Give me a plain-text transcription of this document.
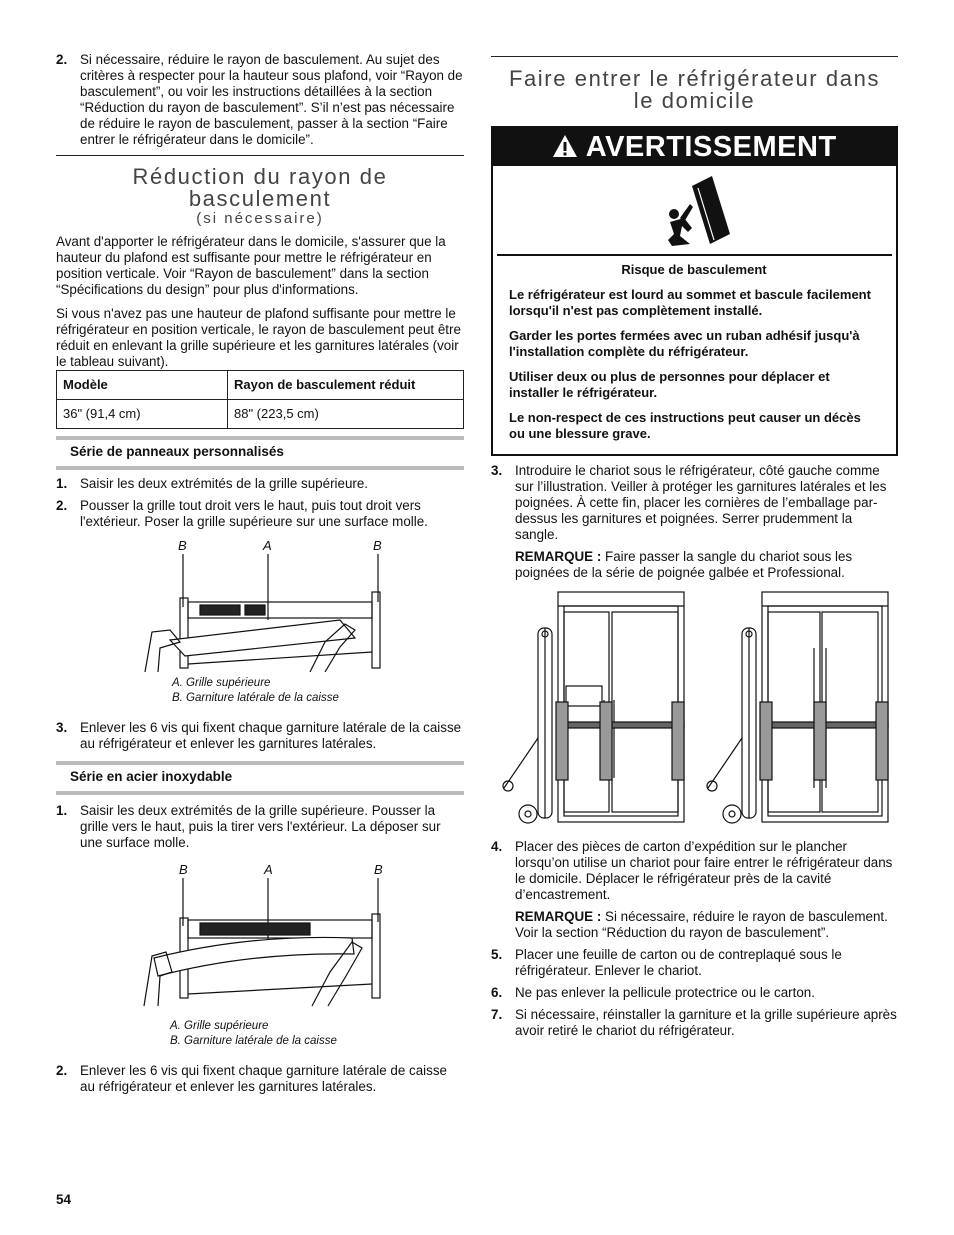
2. Si nécessaire, réduire le rayon de basculement. Au sujet des critères à respecter pour la hauteur sous plafond, voir “Rayon de basculement”, ou voir les instructions détaillées à la section “Réduction du rayon de basculement”. S’il n’est pas nécessaire de réduire le rayon de basculement, passer à la section “Faire entrer le réfrigérateur dans le domicile”.
Réduction du rayon de
basculement
(si nécessaire)

Avant d'apporter le réfrigérateur dans le domicile, s'assurer que la hauteur du plafond est suffisante pour mettre le réfrigérateur en position verticale. Voir “Rayon de basculement” dans la section “Spécifications du design” pour plus d'informations.

Si vous n'avez pas une hauteur de plafond suffisante pour mettre le réfrigérateur en position verticale, le rayon de basculement peut être réduit en enlevant la grille supérieure et les garnitures latérales (voir le tableau suivant).

Modèle	Rayon de basculement réduit
36" (91,4 cm)	88" (223,5 cm)
Série de panneaux personnalisés
1. Saisir les deux extrémités de la grille supérieure.
2. Pousser la grille tout droit vers le haut, puis tout droit vers l'extérieur. Poser la grille supérieure sur une surface molle.
B	A	B
A. Grille supérieure
B. Garniture latérale de la caisse
3. Enlever les 6 vis qui fixent chaque garniture latérale de la caisse au réfrigérateur et enlever les garnitures latérales.
Série en acier inoxydable
1. Saisir les deux extrémités de la grille supérieure. Pousser la grille vers le haut, puis la tirer vers l'extérieur. La déposer sur une surface molle.
B	A	B
A. Grille supérieure
B. Garniture latérale de la caisse
2. Enlever les 6 vis qui fixent chaque garniture latérale de caisse au réfrigérateur et enlever les garnitures latérales.
54
Faire entrer le réfrigérateur dans
le domicile
AVERTISSEMENT

Risque de basculement

Le réfrigérateur est lourd au sommet et bascule facilement lorsqu'il n'est pas complètement installé.

Garder les portes fermées avec un ruban adhésif jusqu'à l'installation complète du réfrigérateur.

Utiliser deux ou plus de personnes pour déplacer et installer le réfrigérateur.

Le non-respect de ces instructions peut causer un décès ou une blessure grave.

3. Introduire le chariot sous le réfrigérateur, côté gauche comme sur l’illustration. Veiller à protéger les garnitures latérales et les poignées. À cette fin, placer les cornières de l’emballage par-dessus les garnitures et poignées. Serrer prudemment la sangle.
REMARQUE : Faire passer la sangle du chariot sous les poignées de la série de poignée galbée et Professional.
4. Placer des pièces de carton d’expédition sur le plancher lorsqu’on utilise un chariot pour faire entrer le réfrigérateur dans le domicile. Déplacer le réfrigérateur près de la cavité d’encastrement.
REMARQUE : Si nécessaire, réduire le rayon de basculement. Voir la section “Réduction du rayon de basculement”.
5. Placer une feuille de carton ou de contreplaqué sous le réfrigérateur. Enlever le chariot.
6. Ne pas enlever la pellicule protectrice ou le carton.
7. Si nécessaire, réinstaller la garniture et la grille supérieure après avoir retiré le chariot du réfrigérateur.
